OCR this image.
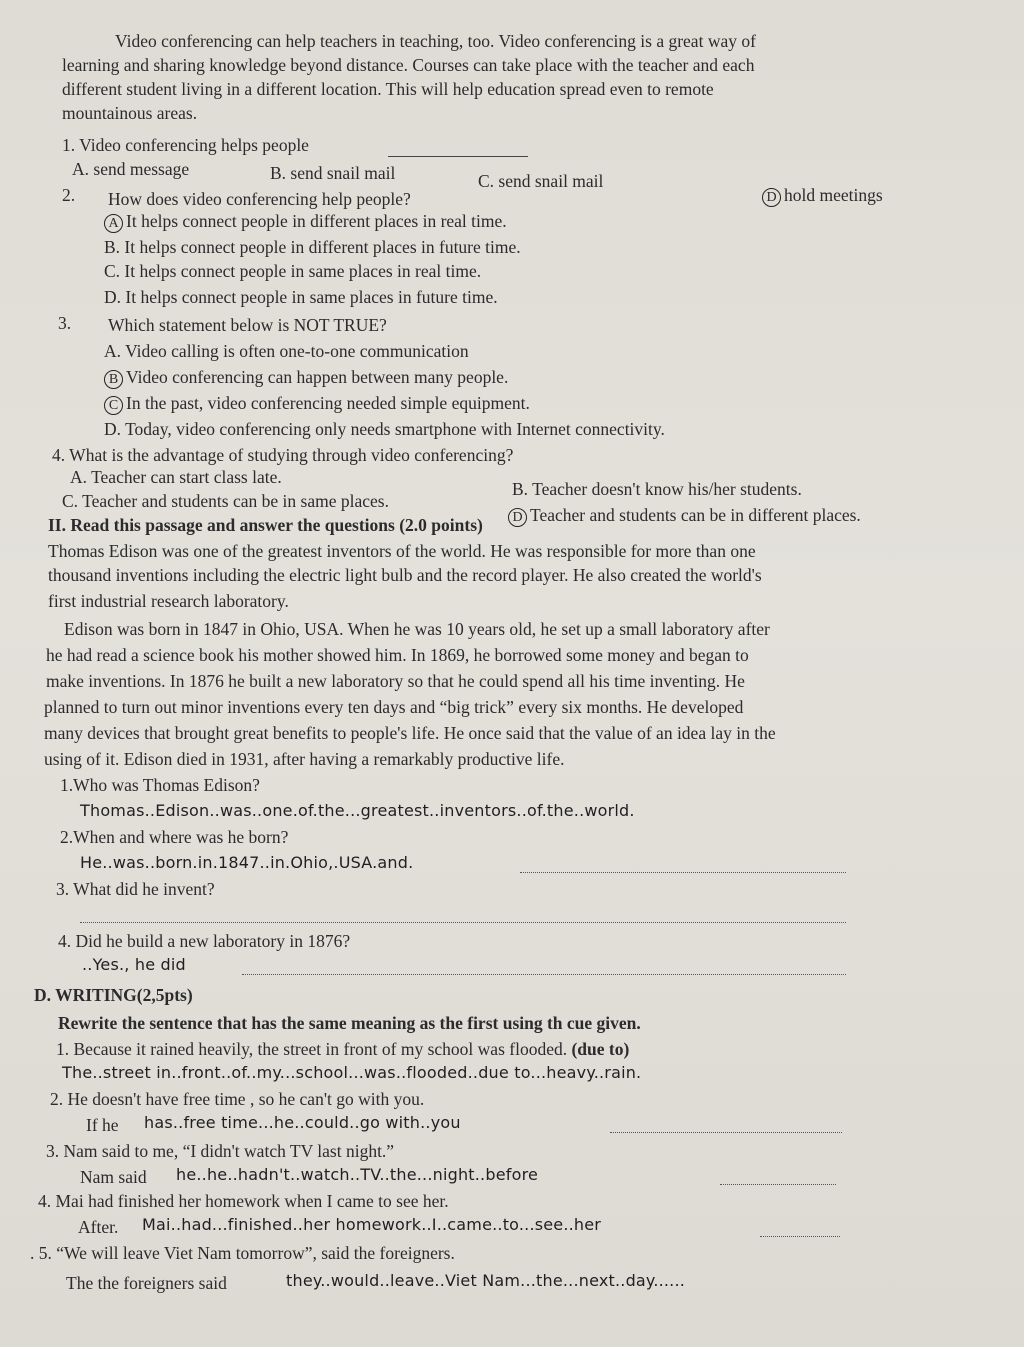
Video conferencing can help teachers in teaching, too. Video conferencing is a great way of
learning and sharing knowledge beyond distance. Courses can take place with the teacher and each
different student living in a different location. This will help education spread even to remote
mountainous areas.
1. Video conferencing helps people
A. send message	B. send snail mail	C. send snail mail
D hold meetings
2. How does video conferencing help people?
A It helps connect people in different places in real time.
B. It helps connect people in different places in future time.
C. It helps connect people in same places in real time.
D. It helps connect people in same places in future time.
3. Which statement below is NOT TRUE?
A. Video calling is often one-to-one communication
B Video conferencing can happen between many people.
C In the past, video conferencing needed simple equipment.
D. Today, video conferencing only needs smartphone with Internet connectivity.
4. What is the advantage of studying through video conferencing?
A. Teacher can start class late.
B. Teacher doesn't know his/her students.
C. Teacher and students can be in same places.
D Teacher and students can be in different places.
II. Read this passage and answer the questions (2.0 points)
Thomas Edison was one of the greatest inventors of the world. He was responsible for more than one
thousand inventions including the electric light bulb and the record player. He also created the world's
first industrial research laboratory.
Edison was born in 1847 in Ohio, USA. When he was 10 years old, he set up a small laboratory after
he had read a science book his mother showed him. In 1869, he borrowed some money and began to
make inventions. In 1876 he built a new laboratory so that he could spend all his time inventing. He
planned to turn out minor inventions every ten days and “big trick” every six months. He developed
many devices that brought great benefits to people's life. He once said that the value of an idea lay in the
using of it. Edison died in 1931, after having a remarkably productive life.
1.Who was Thomas Edison?
Thomas..Edison..was..one.of.the...greatest..inventors..of.the..world.
2.When and where was he born?
He..was..born.in.1847..in.Ohio,.USA.and.
3. What did he invent?
4. Did he build a new laboratory in 1876?
..Yes., he did
D. WRITING(2,5pts)
Rewrite the sentence that has the same meaning as the first using th cue given.
1. Because it rained heavily, the street in front of my school was flooded. (due to)
The..street in..front..of..my...school...was..flooded..due to...heavy..rain.
2. He doesn't have free time , so he can't go with you.
If he has..free time...he..could..go with..you
3. Nam said to me, “I didn't watch TV last night.”
Nam said he..he..hadn't..watch..TV..the...night..before
4. Mai had finished her homework when I came to see her.
After. Mai..had...finished..her homework..I..came..to...see..her
. 5. “We will leave Viet Nam tomorrow”, said the foreigners.
The the foreigners said	they..would..leave..Viet Nam...the...next..day......
